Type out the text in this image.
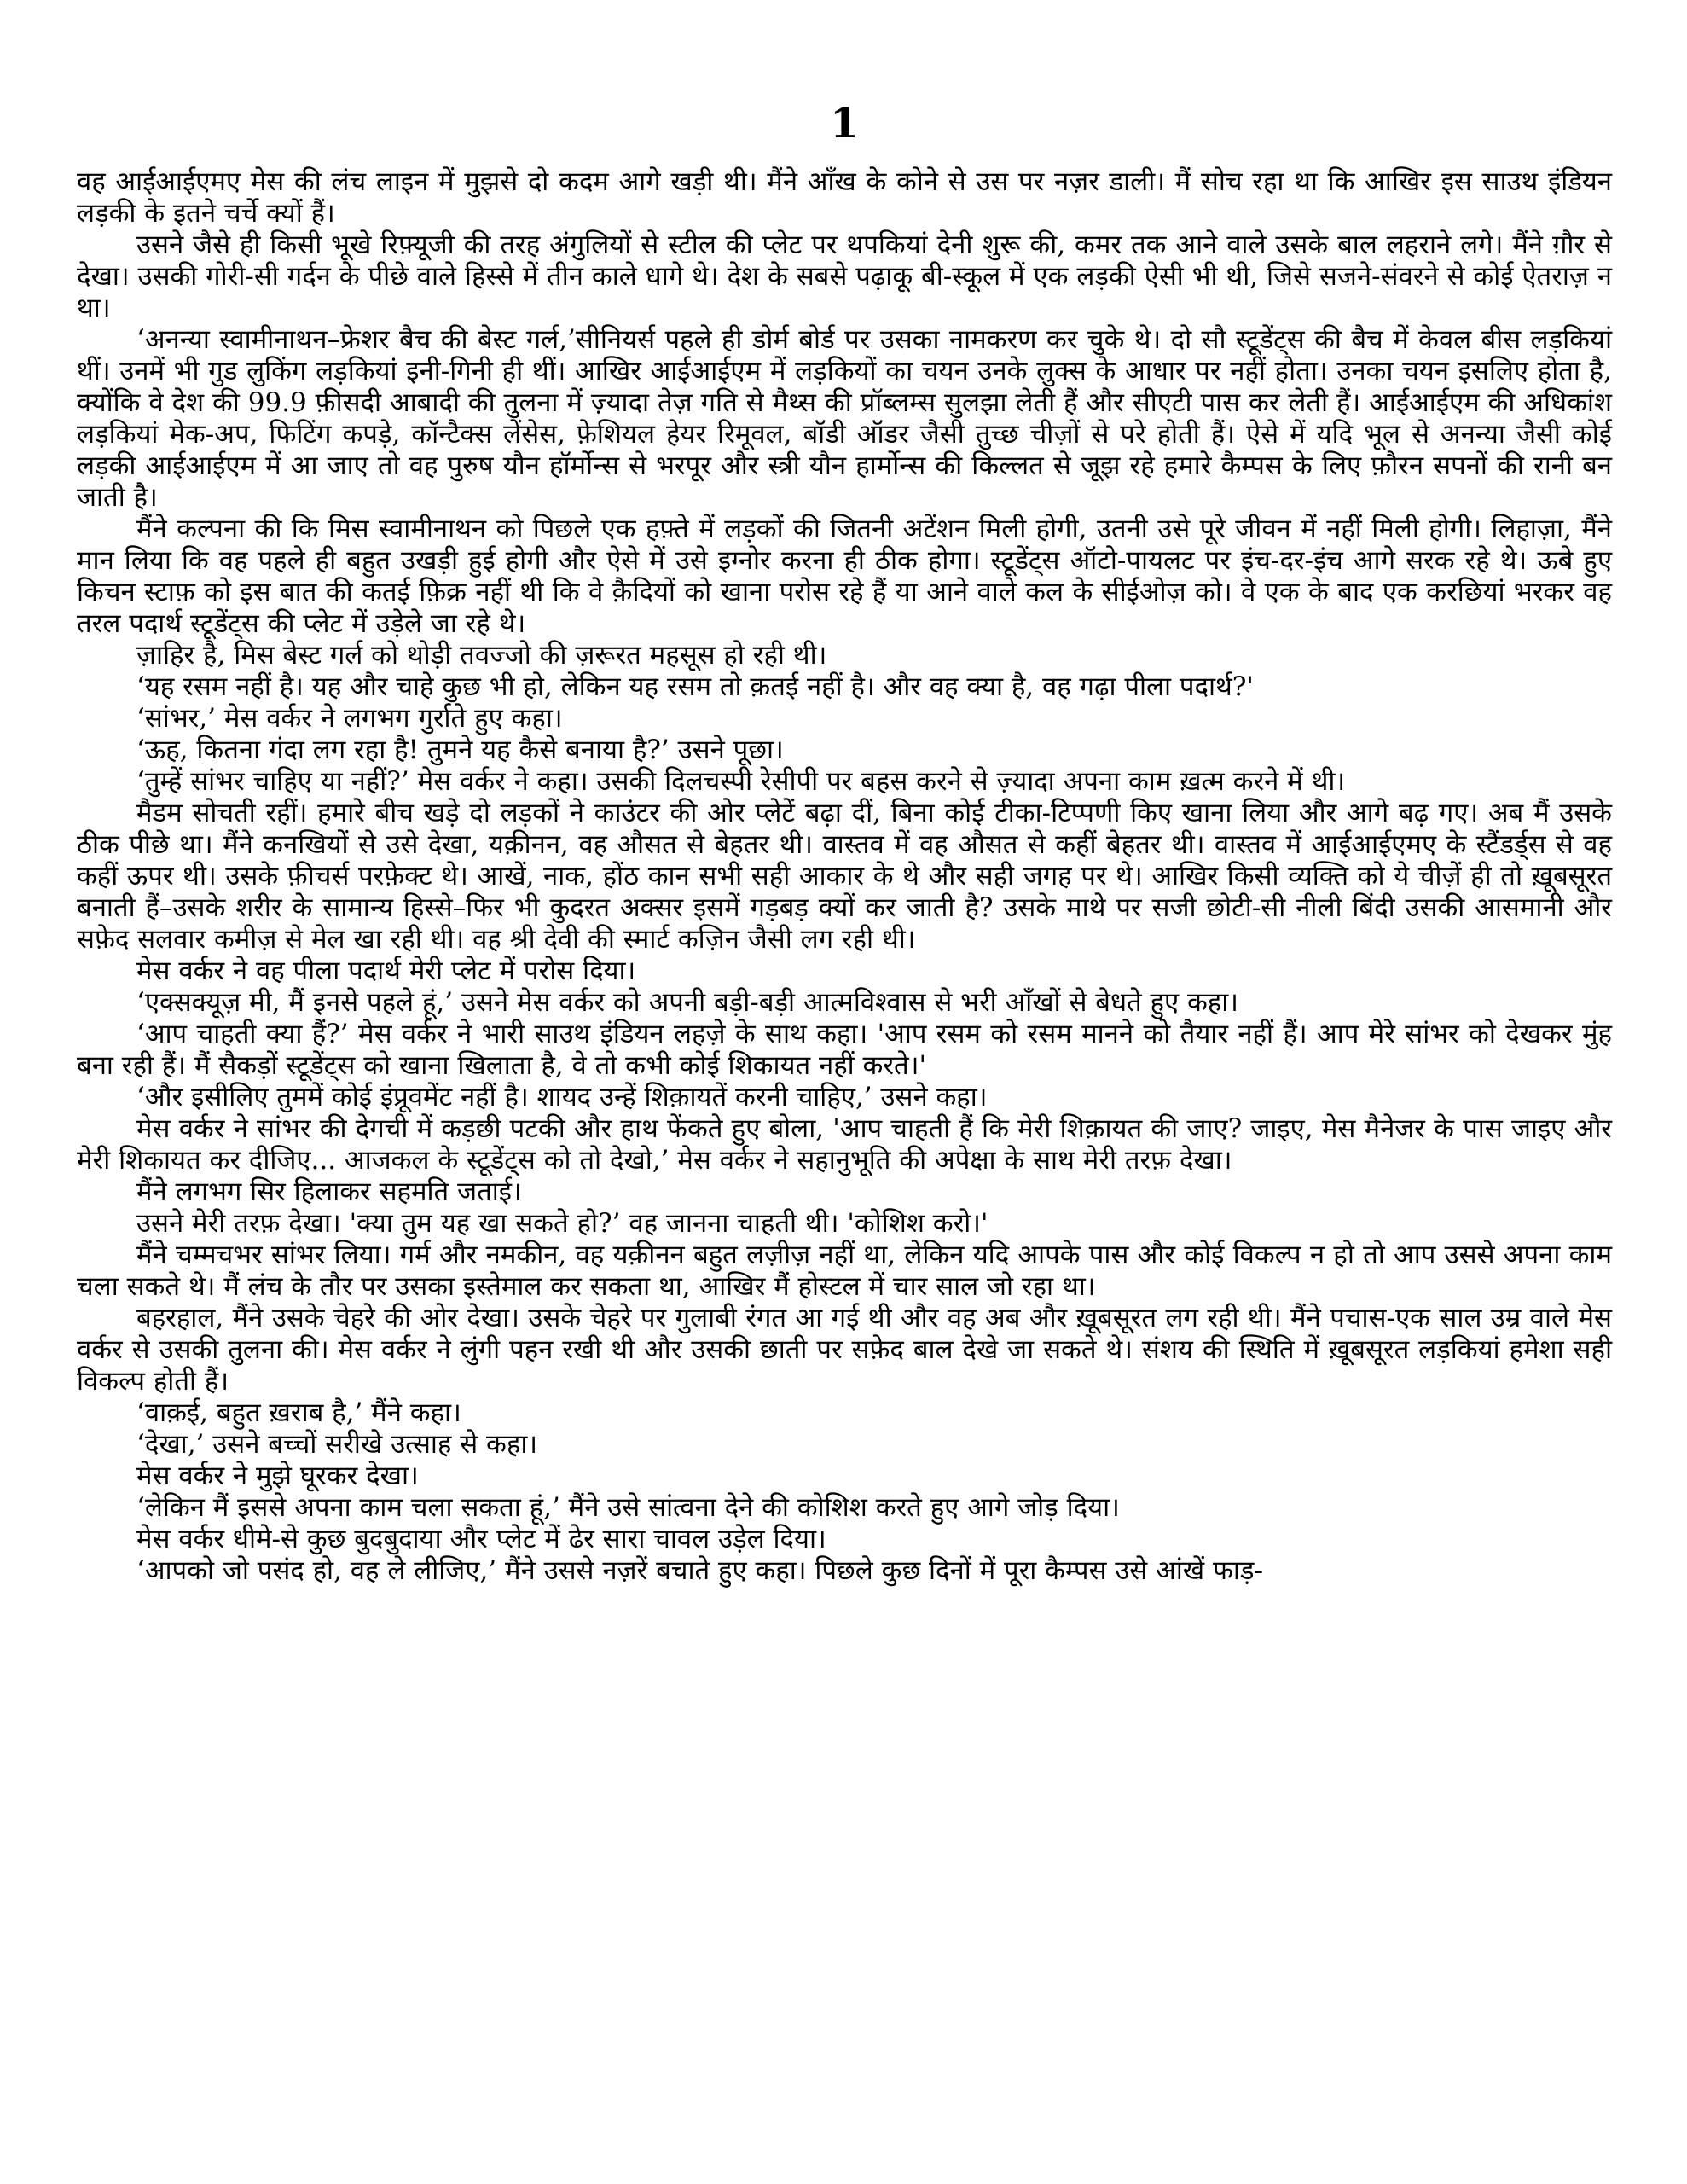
1

वह आईआईएमए मेस की लंच लाइन में मुझसे दो कदम आगे खड़ी थी। मैंने आँख के कोने से उस पर नज़र डाली। मैं सोच रहा था कि आखिर इस साउथ इंडियन लड़की के इतने चर्चे क्यों हैं।

उसने जैसे ही किसी भूखे रिफ़्यूजी की तरह अंगुलियों से स्टील की प्लेट पर थपकियां देनी शुरू की, कमर तक आने वाले उसके बाल लहराने लगे। मैंने ग़ौर से देखा। उसकी गोरी-सी गर्दन के पीछे वाले हिस्से में तीन काले धागे थे। देश के सबसे पढ़ाकू बी-स्कूल में एक लड़की ऐसी भी थी, जिसे सजने-संवरने से कोई ऐतराज़ न था।

‘अनन्या स्वामीनाथन–फ्रेशर बैच की बेस्ट गर्ल,’सीनियर्स पहले ही डोर्म बोर्ड पर उसका नामकरण कर चुके थे। दो सौ स्टूडेंट्स की बैच में केवल बीस लड़कियां थीं। उनमें भी गुड लुकिंग लड़कियां इनी-गिनी ही थीं। आखिर आईआईएम में लड़कियों का चयन उनके लुक्स के आधार पर नहीं होता। उनका चयन इसलिए होता है, क्योंकि वे देश की 99.9 फ़ीसदी आबादी की तुलना में ज़्यादा तेज़ गति से मैथ्स की प्रॉब्लम्स सुलझा लेती हैं और सीएटी पास कर लेती हैं। आईआईएम की अधिकांश लड़कियां मेक-अप, फिटिंग कपड़े, कॉन्टैक्स लेंसेस, फ़ेशियल हेयर रिमूवल, बॉडी ऑडर जैसी तुच्छ चीज़ों से परे होती हैं। ऐसे में यदि भूल से अनन्या जैसी कोई लड़की आईआईएम में आ जाए तो वह पुरुष यौन हॉर्मोन्स से भरपूर और स्त्री यौन हार्मोन्स की किल्लत से जूझ रहे हमारे कैम्पस के लिए फ़ौरन सपनों की रानी बन जाती है।

मैंने कल्पना की कि मिस स्वामीनाथन को पिछले एक हफ़्ते में लड़कों की जितनी अटेंशन मिली होगी, उतनी उसे पूरे जीवन में नहीं मिली होगी। लिहाज़ा, मैंने मान लिया कि वह पहले ही बहुत उखड़ी हुई होगी और ऐसे में उसे इग्नोर करना ही ठीक होगा। स्टूडेंट्स ऑटो-पायलट पर इंच-दर-इंच आगे सरक रहे थे। ऊबे हुए किचन स्टाफ़ को इस बात की कतई फ़िक्र नहीं थी कि वे क़ैदियों को खाना परोस रहे हैं या आने वाले कल के सीईओज़ को। वे एक के बाद एक करछियां भरकर वह तरल पदार्थ स्टूडेंट्स की प्लेट में उड़ेले जा रहे थे।

ज़ाहिर है, मिस बेस्ट गर्ल को थोड़ी तवज्जो की ज़रूरत महसूस हो रही थी।

‘यह रसम नहीं है। यह और चाहे कुछ भी हो, लेकिन यह रसम तो क़तई नहीं है। और वह क्या है, वह गढ़ा पीला पदार्थ?'

‘सांभर,’ मेस वर्कर ने लगभग गुर्राते हुए कहा।

‘ऊह, कितना गंदा लग रहा है! तुमने यह कैसे बनाया है?’ उसने पूछा।

‘तुम्हें सांभर चाहिए या नहीं?’ मेस वर्कर ने कहा। उसकी दिलचस्पी रेसीपी पर बहस करने से ज़्यादा अपना काम ख़त्म करने में थी।

मैडम सोचती रहीं। हमारे बीच खड़े दो लड़कों ने काउंटर की ओर प्लेटें बढ़ा दीं, बिना कोई टीका-टिप्पणी किए खाना लिया और आगे बढ़ गए। अब मैं उसके ठीक पीछे था। मैंने कनखियों से उसे देखा, यक़ीनन, वह औसत से बेहतर थी। वास्तव में वह औसत से कहीं बेहतर थी। वास्तव में आईआईएमए के स्टैंडर्ड्स से वह कहीं ऊपर थी। उसके फ़ीचर्स परफ़ेक्ट थे। आखें, नाक, होंठ कान सभी सही आकार के थे और सही जगह पर थे। आखिर किसी व्यक्ति को ये चीज़ें ही तो ख़ूबसूरत बनाती हैं–उसके शरीर के सामान्य हिस्से–फिर भी कुदरत अक्सर इसमें गड़बड़ क्यों कर जाती है? उसके माथे पर सजी छोटी-सी नीली बिंदी उसकी आसमानी और सफ़ेद सलवार कमीज़ से मेल खा रही थी। वह श्री देवी की स्मार्ट कज़िन जैसी लग रही थी।

मेस वर्कर ने वह पीला पदार्थ मेरी प्लेट में परोस दिया।

‘एक्सक्यूज़ मी, मैं इनसे पहले हूं,’ उसने मेस वर्कर को अपनी बड़ी-बड़ी आत्मविश्वास से भरी आँखों से बेधते हुए कहा।

‘आप चाहती क्या हैं?’ मेस वर्कर ने भारी साउथ इंडियन लहज़े के साथ कहा। 'आप रसम को रसम मानने को तैयार नहीं हैं। आप मेरे सांभर को देखकर मुंह बना रही हैं। मैं सैकड़ों स्टूडेंट्स को खाना खिलाता है, वे तो कभी कोई शिकायत नहीं करते।'

‘और इसीलिए तुममें कोई इंप्रूवमेंट नहीं है। शायद उन्हें शिक़ायतें करनी चाहिए,’ उसने कहा।

मेस वर्कर ने सांभर की देगची में कड़छी पटकी और हाथ फेंकते हुए बोला, 'आप चाहती हैं कि मेरी शिक़ायत की जाए? जाइए, मेस मैनेजर के पास जाइए और मेरी शिकायत कर दीजिए... आजकल के स्टूडेंट्स को तो देखो,’ मेस वर्कर ने सहानुभूति की अपेक्षा के साथ मेरी तरफ़ देखा।

मैंने लगभग सिर हिलाकर सहमति जताई।

उसने मेरी तरफ़ देखा। 'क्या तुम यह खा सकते हो?’ वह जानना चाहती थी। 'कोशिश करो।'

मैंने चम्मचभर सांभर लिया। गर्म और नमकीन, वह यक़ीनन बहुत लज़ीज़ नहीं था, लेकिन यदि आपके पास और कोई विकल्प न हो तो आप उससे अपना काम चला सकते थे। मैं लंच के तौर पर उसका इस्तेमाल कर सकता था, आखिर मैं होस्टल में चार साल जो रहा था।

बहरहाल, मैंने उसके चेहरे की ओर देखा। उसके चेहरे पर गुलाबी रंगत आ गई थी और वह अब और ख़ूबसूरत लग रही थी। मैंने पचास-एक साल उम्र वाले मेस वर्कर से उसकी तुलना की। मेस वर्कर ने लुंगी पहन रखी थी और उसकी छाती पर सफ़ेद बाल देखे जा सकते थे। संशय की स्थिति में ख़ूबसूरत लड़कियां हमेशा सही विकल्प होती हैं।

‘वाक़ई, बहुत ख़राब है,’ मैंने कहा।

‘देखा,’ उसने बच्चों सरीखे उत्साह से कहा।

मेस वर्कर ने मुझे घूरकर देखा।

‘लेकिन मैं इससे अपना काम चला सकता हूं,’ मैंने उसे सांत्वना देने की कोशिश करते हुए आगे जोड़ दिया।

मेस वर्कर धीमे-से कुछ बुदबुदाया और प्लेट में ढेर सारा चावल उड़ेल दिया।

‘आपको जो पसंद हो, वह ले लीजिए,’ मैंने उससे नज़रें बचाते हुए कहा। पिछले कुछ दिनों में पूरा कैम्पस उसे आंखें फाड़-
